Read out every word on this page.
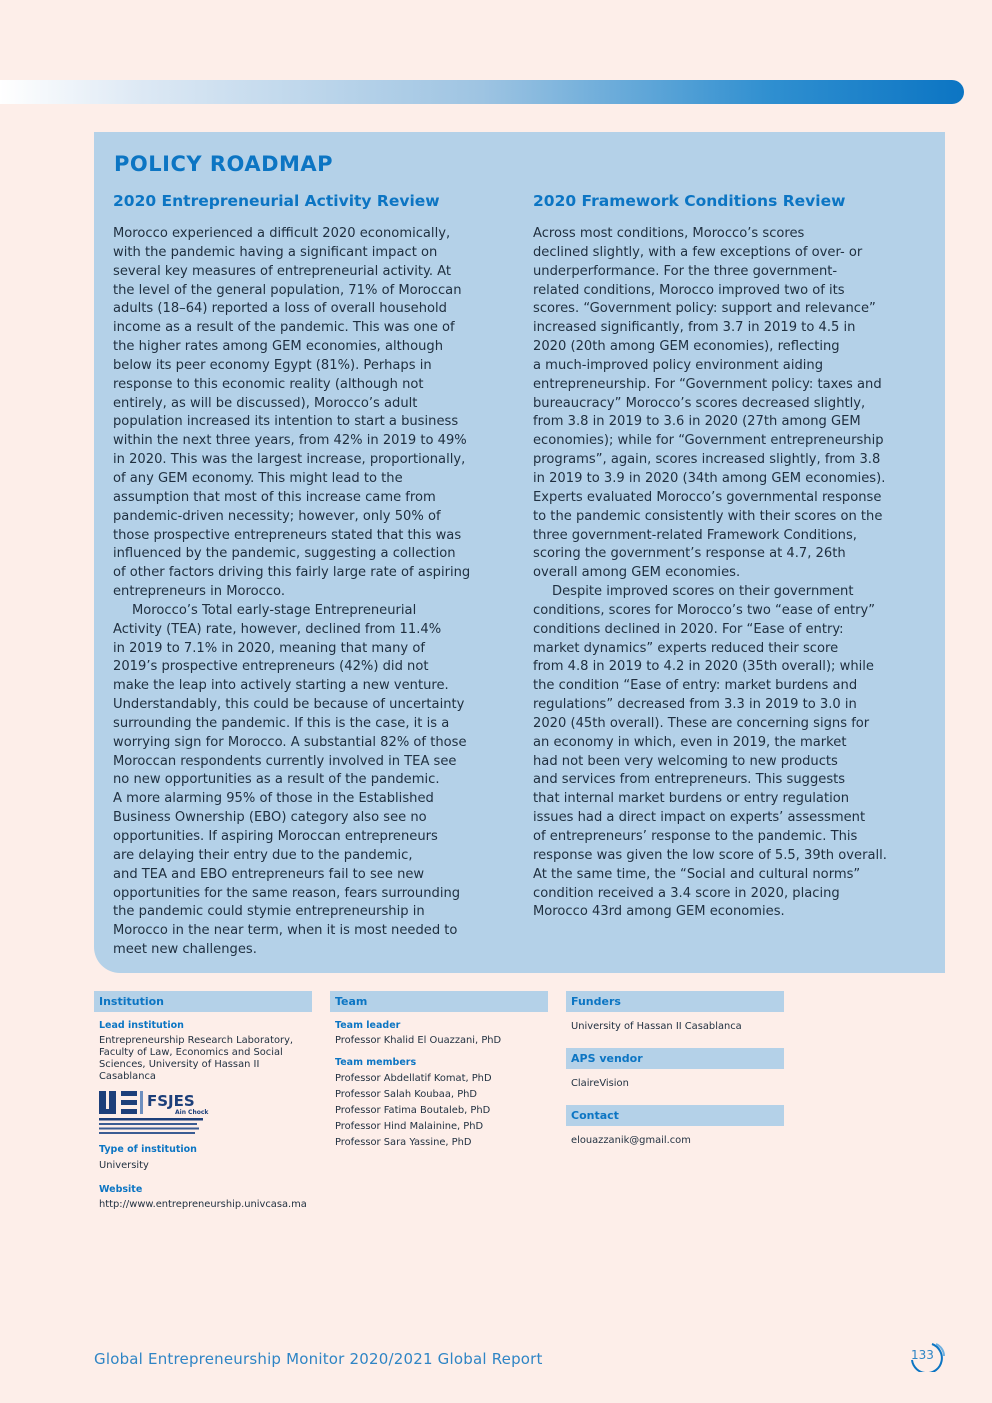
POLICY ROADMAP
2020 Entrepreneurial Activity Review

Morocco experienced a difficult 2020 economically,
with the pandemic having a significant impact on
several key measures of entrepreneurial activity. At
the level of the general population, 71% of Moroccan
adults (18–64) reported a loss of overall household
income as a result of the pandemic. This was one of
the higher rates among GEM economies, although
below its peer economy Egypt (81%). Perhaps in
response to this economic reality (although not
entirely, as will be discussed), Morocco’s adult
population increased its intention to start a business
within the next three years, from 42% in 2019 to 49%
in 2020. This was the largest increase, proportionally,
of any GEM economy. This might lead to the
assumption that most of this increase came from
pandemic-driven necessity; however, only 50% of
those prospective entrepreneurs stated that this was
influenced by the pandemic, suggesting a collection
of other factors driving this fairly large rate of aspiring
entrepreneurs in Morocco.

Morocco’s Total early-stage Entrepreneurial
Activity (TEA) rate, however, declined from 11.4%
in 2019 to 7.1% in 2020, meaning that many of
2019’s prospective entrepreneurs (42%) did not
make the leap into actively starting a new venture.
Understandably, this could be because of uncertainty
surrounding the pandemic. If this is the case, it is a
worrying sign for Morocco. A substantial 82% of those
Moroccan respondents currently involved in TEA see
no new opportunities as a result of the pandemic.
A more alarming 95% of those in the Established
Business Ownership (EBO) category also see no
opportunities. If aspiring Moroccan entrepreneurs
are delaying their entry due to the pandemic,
and TEA and EBO entrepreneurs fail to see new
opportunities for the same reason, fears surrounding
the pandemic could stymie entrepreneurship in
Morocco in the near term, when it is most needed to
meet new challenges.

2020 Framework Conditions Review

Across most conditions, Morocco’s scores
declined slightly, with a few exceptions of over- or
underperformance. For the three government-
related conditions, Morocco improved two of its
scores. “Government policy: support and relevance”
increased significantly, from 3.7 in 2019 to 4.5 in
2020 (20th among GEM economies), reflecting
a much-improved policy environment aiding
entrepreneurship. For “Government policy: taxes and
bureaucracy” Morocco’s scores decreased slightly,
from 3.8 in 2019 to 3.6 in 2020 (27th among GEM
economies); while for “Government entrepreneurship
programs”, again, scores increased slightly, from 3.8
in 2019 to 3.9 in 2020 (34th among GEM economies).
Experts evaluated Morocco’s governmental response
to the pandemic consistently with their scores on the
three government-related Framework Conditions,
scoring the government’s response at 4.7, 26th
overall among GEM economies.

Despite improved scores on their government
conditions, scores for Morocco’s two “ease of entry”
conditions declined in 2020. For “Ease of entry:
market dynamics” experts reduced their score
from 4.8 in 2019 to 4.2 in 2020 (35th overall); while
the condition “Ease of entry: market burdens and
regulations” decreased from 3.3 in 2019 to 3.0 in
2020 (45th overall). These are concerning signs for
an economy in which, even in 2019, the market
had not been very welcoming to new products
and services from entrepreneurs. This suggests
that internal market burdens or entry regulation
issues had a direct impact on experts’ assessment
of entrepreneurs’ response to the pandemic. This
response was given the low score of 5.5, 39th overall.
At the same time, the “Social and cultural norms”
condition received a 3.4 score in 2020, placing
Morocco 43rd among GEM economies.

Institution
Lead institution
Entrepreneurship Research Laboratory,
Faculty of Law, Economics and Social
Sciences, University of Hassan II
Casablanca
FSJES
Ain Chock
Type of institution
University
Website
http://www.entrepreneurship.univcasa.ma
Team
Team leader
Professor Khalid El Ouazzani, PhD
Team members
Professor Abdellatif Komat, PhD
Professor Salah Koubaa, PhD
Professor Fatima Boutaleb, PhD
Professor Hind Malainine, PhD
Professor Sara Yassine, PhD
Funders
University of Hassan II Casablanca
APS vendor
ClaireVision
Contact
elouazzanik@gmail.com
Global Entrepreneurship Monitor 2020/2021 Global Report	133
